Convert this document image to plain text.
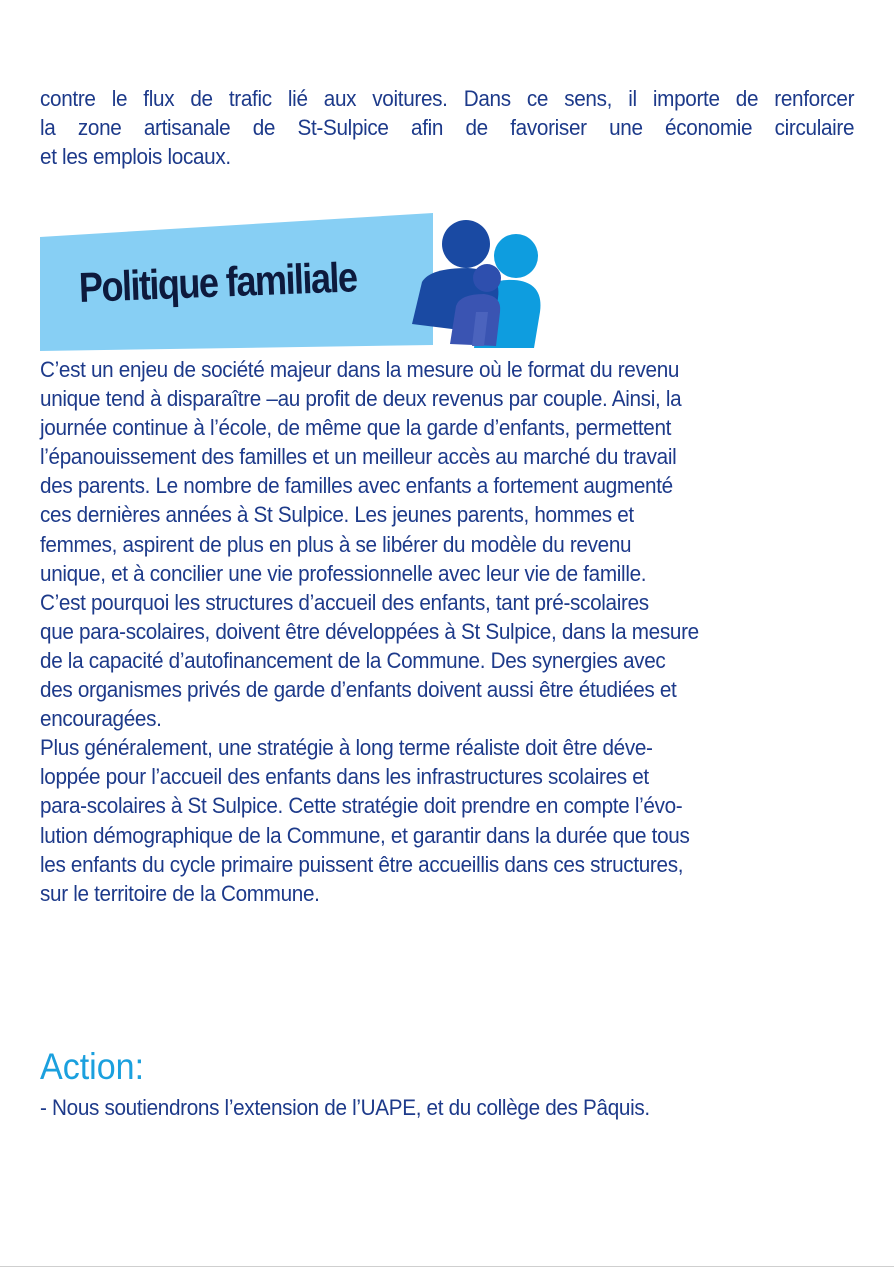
contre le flux de trafic lié aux voitures. Dans ce sens, il importe de renforcer
la zone artisanale de St-Sulpice afin de favoriser une économie circulaire
et les emplois locaux.
Politique familiale
C’est un enjeu de société majeur dans la mesure où le format du revenu
unique tend à disparaître –au profit de deux revenus par couple. Ainsi, la
journée continue à l’école, de même que la garde d’enfants, permettent
l’épanouissement des familles et un meilleur accès au marché du travail
des parents. Le nombre de familles avec enfants a fortement augmenté
ces dernières années à St Sulpice. Les jeunes parents, hommes et
femmes, aspirent de plus en plus à se libérer du modèle du revenu
unique, et à concilier une vie professionnelle avec leur vie de famille.
C’est pourquoi les structures d’accueil des enfants, tant pré-scolaires
que para-scolaires, doivent être développées à St Sulpice, dans la mesure
de la capacité d’autofinancement de la Commune. Des synergies avec
des organismes privés de garde d’enfants doivent aussi être étudiées et
encouragées.
Plus généralement, une stratégie à long terme réaliste doit être déve-
loppée pour l’accueil des enfants dans les infrastructures scolaires et
para-scolaires à St Sulpice. Cette stratégie doit prendre en compte l’évo-
lution démographique de la Commune, et garantir dans la durée que tous
les enfants du cycle primaire puissent être accueillis dans ces structures,
sur le territoire de la Commune.
Action:
- Nous soutiendrons l’extension de l’UAPE, et du collège des Pâquis.
